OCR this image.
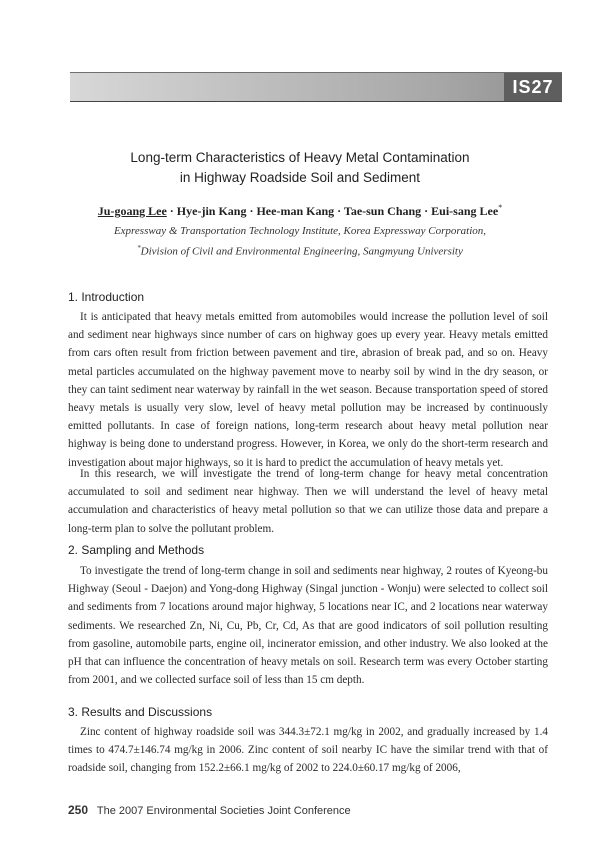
IS27
Long-term Characteristics of Heavy Metal Contamination
in Highway Roadside Soil and Sediment
Ju-goang Lee · Hye-jin Kang · Hee-man Kang · Tae-sun Chang · Eui-sang Lee*
Expressway & Transportation Technology Institute, Korea Expressway Corporation,
*Division of Civil and Environmental Engineering, Sangmyung University
1. Introduction

It is anticipated that heavy metals emitted from automobiles would increase the pollution level of soil and sediment near highways since number of cars on highway goes up every year. Heavy metals emitted from cars often result from friction between pavement and tire, abrasion of break pad, and so on. Heavy metal particles accumulated on the highway pavement move to nearby soil by wind in the dry season, or they can taint sediment near waterway by rainfall in the wet season. Because transportation speed of stored heavy metals is usually very slow, level of heavy metal pollution may be increased by continuously emitted pollutants. In case of foreign nations, long-term research about heavy metal pollution near highway is being done to understand progress. However, in Korea, we only do the short-term research and investigation about major highways, so it is hard to predict the accumulation of heavy metals yet.

In this research, we will investigate the trend of long-term change for heavy metal concentration accumulated to soil and sediment near highway. Then we will understand the level of heavy metal accumulation and characteristics of heavy metal pollution so that we can utilize those data and prepare a long-term plan to solve the pollutant problem.

2. Sampling and Methods

To investigate the trend of long-term change in soil and sediments near highway, 2 routes of Kyeong-bu Highway (Seoul - Daejon) and Yong-dong Highway (Singal junction - Wonju) were selected to collect soil and sediments from 7 locations around major highway, 5 locations near IC, and 2 locations near waterway sediments. We researched Zn, Ni, Cu, Pb, Cr, Cd, As that are good indicators of soil pollution resulting from gasoline, automobile parts, engine oil, incinerator emission, and other industry. We also looked at the pH that can influence the concentration of heavy metals on soil. Research term was every October starting from 2001, and we collected surface soil of less than 15 cm depth.

3. Results and Discussions

Zinc content of highway roadside soil was 344.3±72.1 mg/kg in 2002, and gradually increased by 1.4 times to 474.7±146.74 mg/kg in 2006. Zinc content of soil nearby IC have the similar trend with that of roadside soil, changing from 152.2±66.1 mg/kg of 2002 to 224.0±60.17 mg/kg of 2006,

250 The 2007 Environmental Societies Joint Conference
